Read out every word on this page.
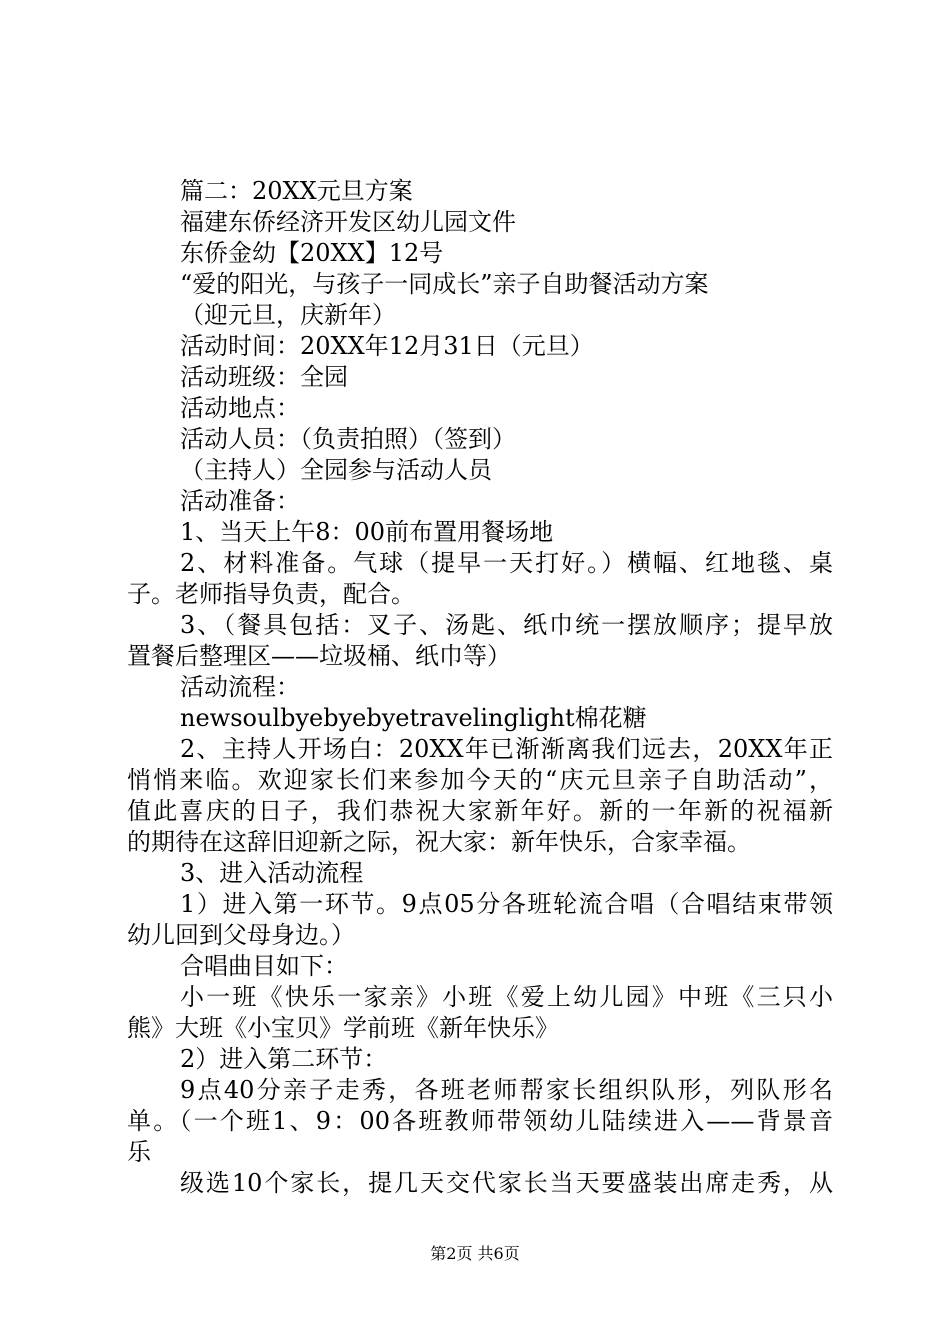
篇二：20XX元旦方案

福建东侨经济开发区幼儿园文件

东侨金幼【20XX】12号

“爱的阳光，与孩子一同成长”亲子自助餐活动方案

（迎元旦，庆新年）

活动时间：20XX年12月31日（元旦）

活动班级：全园

活动地点：

活动人员：（负责拍照）（签到）

（主持人）全园参与活动人员

活动准备：

1、当天上午8：00前布置用餐场地

2、材料准备。气球（提早一天打好。）横幅、红地毯、桌

子。老师指导负责，配合。

3、（餐具包括：叉子、汤匙、纸巾统一摆放顺序；提早放

置餐后整理区——垃圾桶、纸巾等）

活动流程：

newsoulbyebyebyetravelinglight棉花糖

2、主持人开场白：20XX年已渐渐离我们远去，20XX年正

悄悄来临。欢迎家长们来参加今天的“庆元旦亲子自助活动”，

值此喜庆的日子，我们恭祝大家新年好。新的一年新的祝福新

的期待在这辞旧迎新之际，祝大家：新年快乐，合家幸福。

3、进入活动流程

1）进入第一环节。9点05分各班轮流合唱（合唱结束带领

幼儿回到父母身边。）

合唱曲目如下：

小一班《快乐一家亲》小班《爱上幼儿园》中班《三只小

熊》大班《小宝贝》学前班《新年快乐》

2）进入第二环节：

9点40分亲子走秀，各班老师帮家长组织队形，列队形名

单。（一个班1、9：00各班教师带领幼儿陆续进入——背景音

乐

级选10个家长，提几天交代家长当天要盛装出席走秀，从

第2页 共6页
